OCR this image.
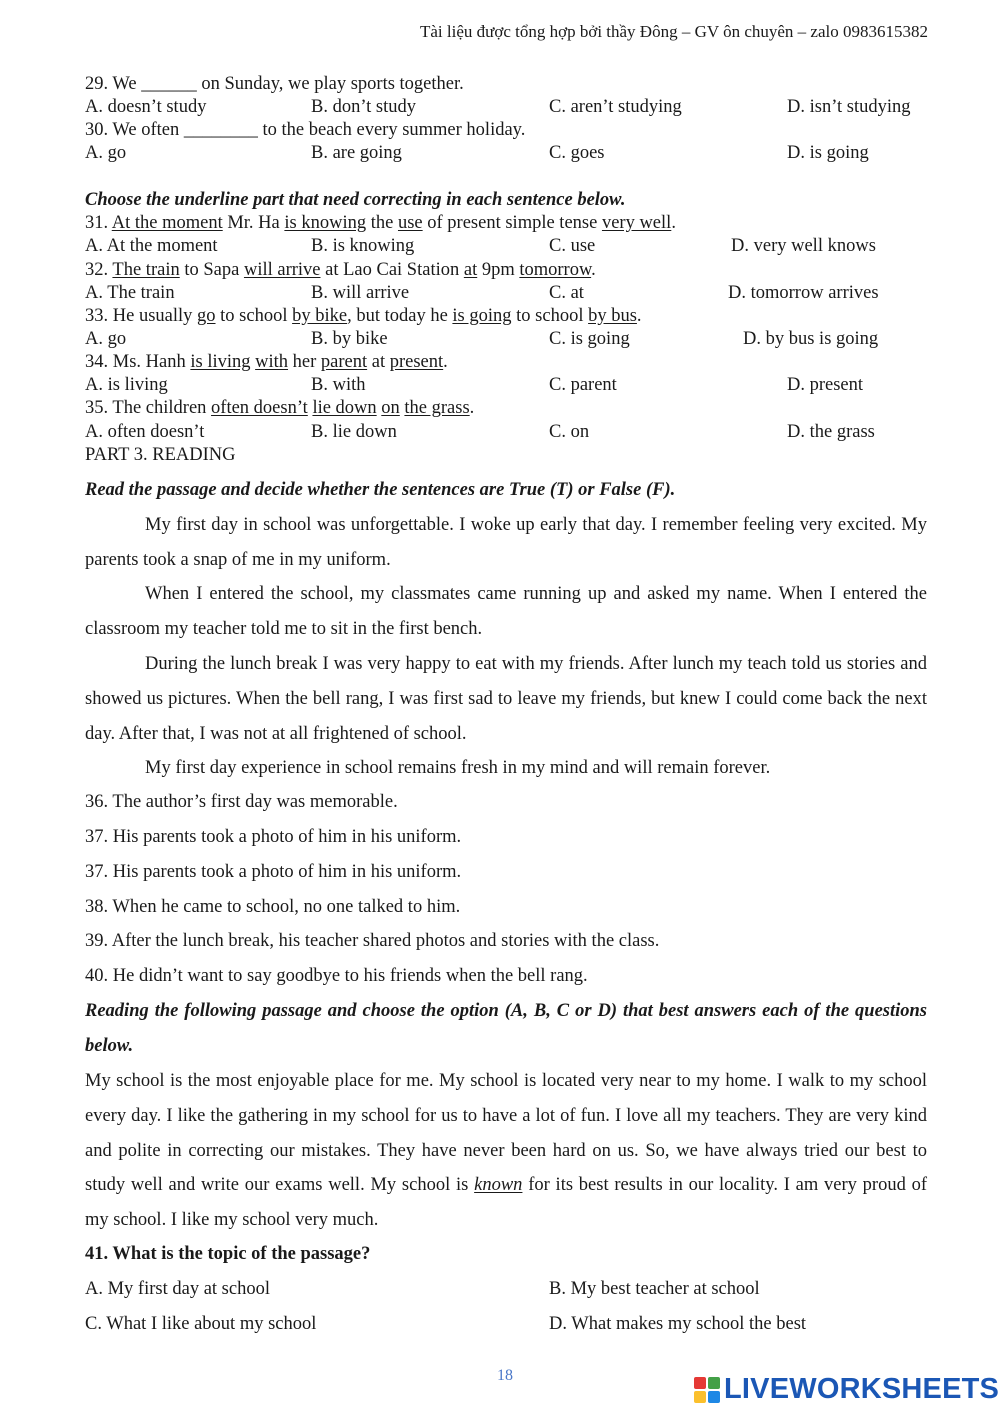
Tài liệu được tổng hợp bởi thầy Đông – GV ôn chuyên – zalo 0983615382
29. We ______ on Sunday, we play sports together.
A. doesn’t study	B. don’t study	C. aren’t studying	D. isn’t studying
30. We often ________ to the beach every summer holiday.
A. go	B. are going	C. goes	D. is going
Choose the underline part that need correcting in each sentence below.
31. At the moment Mr. Ha is knowing the use of present simple tense very well.
A. At the moment	B. is knowing	C. use	D. very well knows
32. The train to Sapa will arrive at Lao Cai Station at 9pm tomorrow.
A. The train	B. will arrive	C. at	D. tomorrow arrives
33. He usually go to school by bike, but today he is going to school by bus.
A. go	B. by bike	C. is going	D. by bus is going
34. Ms. Hanh is living with her parent at present.
A. is living	B. with	C. parent	D. present
35. The children often doesn’t lie down on the grass.
A. often doesn’t	B. lie down	C. on	D. the grass
PART 3. READING
Read the passage and decide whether the sentences are True (T) or False (F).
My first day in school was unforgettable. I woke up early that day. I remember feeling very excited. My parents took a snap of me in my uniform.
When I entered the school, my classmates came running up and asked my name. When I entered the classroom my teacher told me to sit in the first bench.
During the lunch break I was very happy to eat with my friends. After lunch my teach told us stories and showed us pictures. When the bell rang, I was first sad to leave my friends, but knew I could come back the next day. After that, I was not at all frightened of school.
My first day experience in school remains fresh in my mind and will remain forever.
36. The author’s first day was memorable.
37. His parents took a photo of him in his uniform.
37. His parents took a photo of him in his uniform.
38. When he came to school, no one talked to him.
39. After the lunch break, his teacher shared photos and stories with the class.
40. He didn’t want to say goodbye to his friends when the bell rang.
Reading the following passage and choose the option (A, B, C or D) that best answers each of the questions below.
My school is the most enjoyable place for me. My school is located very near to my home. I walk to my school every day. I like the gathering in my school for us to have a lot of fun. I love all my teachers. They are very kind and polite in correcting our mistakes. They have never been hard on us. So, we have always tried our best to study well and write our exams well. My school is known for its best results in our locality. I am very proud of my school. I like my school very much.
41. What is the topic of the passage?
A. My first day at school	B. My best teacher at school
C. What I like about my school	D. What makes my school the best
18	LIVEWORKSHEETS
